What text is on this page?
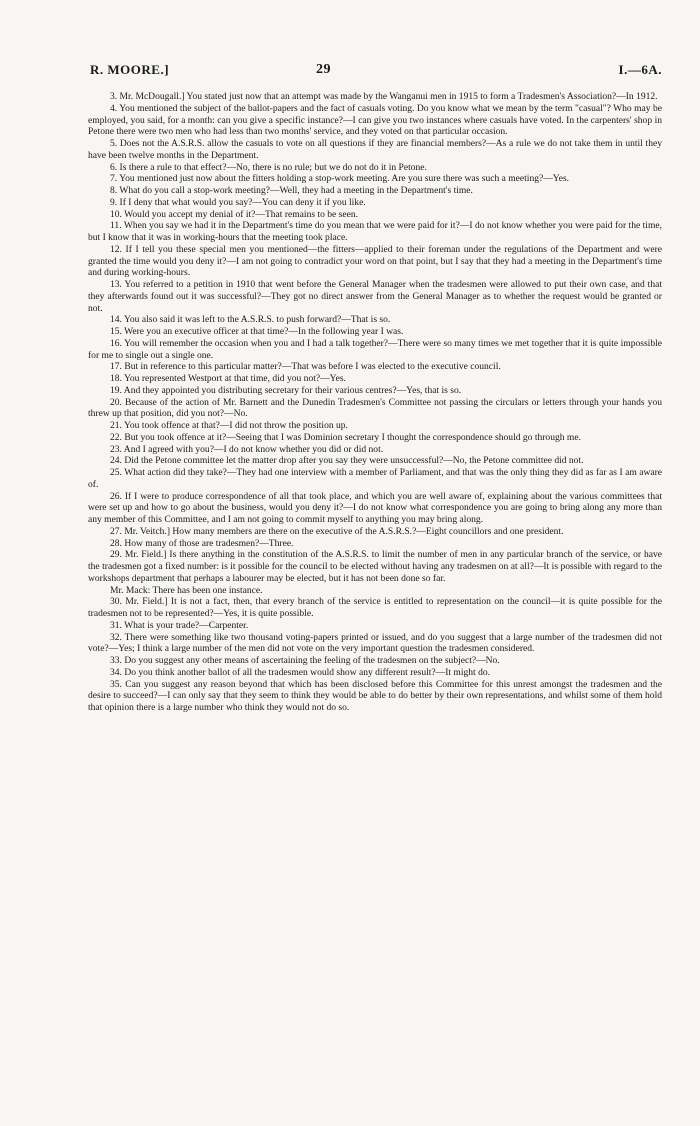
R. MOORE.]	29	I.—6A.

3. Mr. McDougall.] You stated just now that an attempt was made by the Wanganui men in 1915 to form a Tradesmen's Association?—In 1912.

4. You mentioned the subject of the ballot-papers and the fact of casuals voting. Do you know what we mean by the term "casual"? Who may be employed, you said, for a month: can you give a specific instance?—I can give you two instances where casuals have voted. In the carpenters' shop in Petone there were two men who had less than two months' service, and they voted on that particular occasion.

5. Does not the A.S.R.S. allow the casuals to vote on all questions if they are financial members?—As a rule we do not take them in until they have been twelve months in the Department.

6. Is there a rule to that effect?—No, there is no rule; but we do not do it in Petone.

7. You mentioned just now about the fitters holding a stop-work meeting. Are you sure there was such a meeting?—Yes.

8. What do you call a stop-work meeting?—Well, they had a meeting in the Department's time.

9. If I deny that what would you say?—You can deny it if you like.

10. Would you accept my denial of it?—That remains to be seen.

11. When you say we had it in the Department's time do you mean that we were paid for it?—I do not know whether you were paid for the time, but I know that it was in working-hours that the meeting took place.

12. If I tell you these special men you mentioned—the fitters—applied to their foreman under the regulations of the Department and were granted the time would you deny it?—I am not going to contradict your word on that point, but I say that they had a meeting in the Department's time and during working-hours.

13. You referred to a petition in 1910 that went before the General Manager when the tradesmen were allowed to put their own case, and that they afterwards found out it was successful?—They got no direct answer from the General Manager as to whether the request would be granted or not.

14. You also said it was left to the A.S.R.S. to push forward?—That is so.

15. Were you an executive officer at that time?—In the following year I was.

16. You will remember the occasion when you and I had a talk together?—There were so many times we met together that it is quite impossible for me to single out a single one.

17. But in reference to this particular matter?—That was before I was elected to the executive council.

18. You represented Westport at that time, did you not?—Yes.

19. And they appointed you distributing secretary for their various centres?—Yes, that is so.

20. Because of the action of Mr. Barnett and the Dunedin Tradesmen's Committee not passing the circulars or letters through your hands you threw up that position, did you not?—No.

21. You took offence at that?—I did not throw the position up.

22. But you took offence at it?—Seeing that I was Dominion secretary I thought the correspondence should go through me.

23. And I agreed with you?—I do not know whether you did or did not.

24. Did the Petone committee let the matter drop after you say they were unsuccessful?—No, the Petone committee did not.

25. What action did they take?—They had one interview with a member of Parliament, and that was the only thing they did as far as I am aware of.

26. If I were to produce correspondence of all that took place, and which you are well aware of, explaining about the various committees that were set up and how to go about the business, would you deny it?—I do not know what correspondence you are going to bring along any more than any member of this Committee, and I am not going to commit myself to anything you may bring along.

27. Mr. Veitch.] How many members are there on the executive of the A.S.R.S.?—Eight councillors and one president.

28. How many of those are tradesmen?—Three.

29. Mr. Field.] Is there anything in the constitution of the A.S.R.S. to limit the number of men in any particular branch of the service, or have the tradesmen got a fixed number: is it possible for the council to be elected without having any tradesmen on at all?—It is possible with regard to the workshops department that perhaps a labourer may be elected, but it has not been done so far.

Mr. Mack: There has been one instance.

30. Mr. Field.] It is not a fact, then, that every branch of the service is entitled to representation on the council—it is quite possible for the tradesmen not to be represented?—Yes, it is quite possible.

31. What is your trade?—Carpenter.

32. There were something like two thousand voting-papers printed or issued, and do you suggest that a large number of the tradesmen did not vote?—Yes; I think a large number of the men did not vote on the very important question the tradesmen considered.

33. Do you suggest any other means of ascertaining the feeling of the tradesmen on the subject?—No.

34. Do you think another ballot of all the tradesmen would show any different result?—It might do.

35. Can you suggest any reason beyond that which has been disclosed before this Committee for this unrest amongst the tradesmen and the desire to succeed?—I can only say that they seem to think they would be able to do better by their own representations, and whilst some of them hold that opinion there is a large number who think they would not do so.
